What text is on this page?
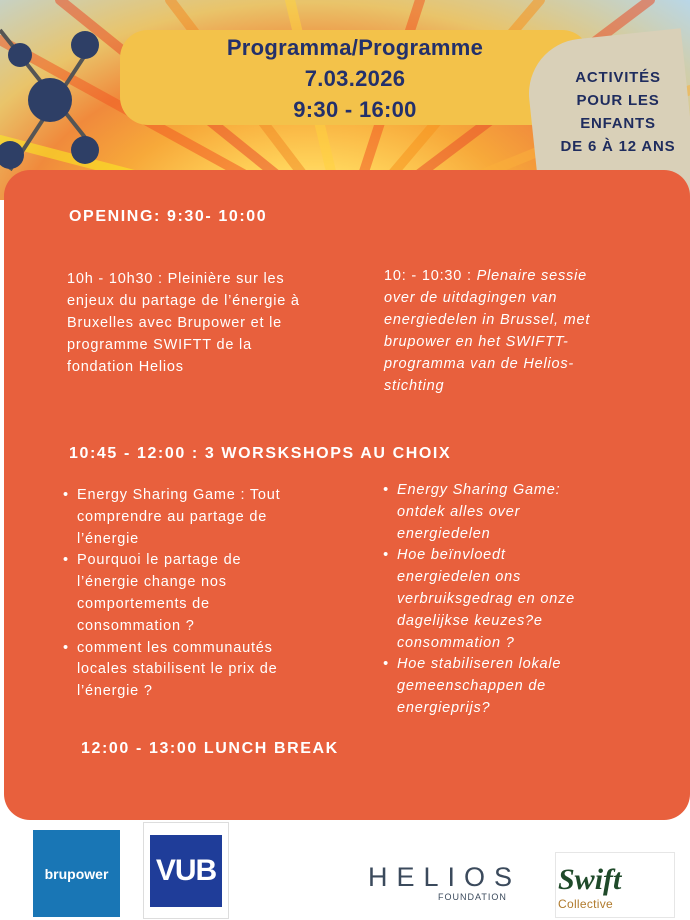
Programma/Programme
7.03.2026
9:30 - 16:00
ACTIVITÉS
POUR LES
ENFANTS
DE 6 À 12 ANS
OPENING: 9:30- 10:00
10h - 10h30 : Pleinière sur les
enjeux du partage de l’énergie à
Bruxelles avec Brupower et le
programme SWIFTT de la
fondation Helios
10: - 10:30 : Plenaire sessie
over de uitdagingen van
energiedelen in Brussel, met
brupower en het SWIFTT-
programma van de Helios-
stichting
10:45 - 12:00 : 3 WORSKSHOPS AU CHOIX
• Energy Sharing Game : Tout
comprendre au partage de
l’énergie
• Pourquoi le partage de
l’énergie change nos
comportements de
consommation ?
• comment les communautés
locales stabilisent le prix de
l’énergie ?
• Energy Sharing Game:
ontdek alles over
energiedelen
• Hoe beïnvloedt
energiedelen ons
verbruiksgedrag en onze
dagelijkse keuzes?e
consommation ?
• Hoe stabiliseren lokale
gemeenschappen de
energieprijs?
12:00 - 13:00 LUNCH BREAK
brupower	VUB	HELIOS
FOUNDATION
Swift
Collective
